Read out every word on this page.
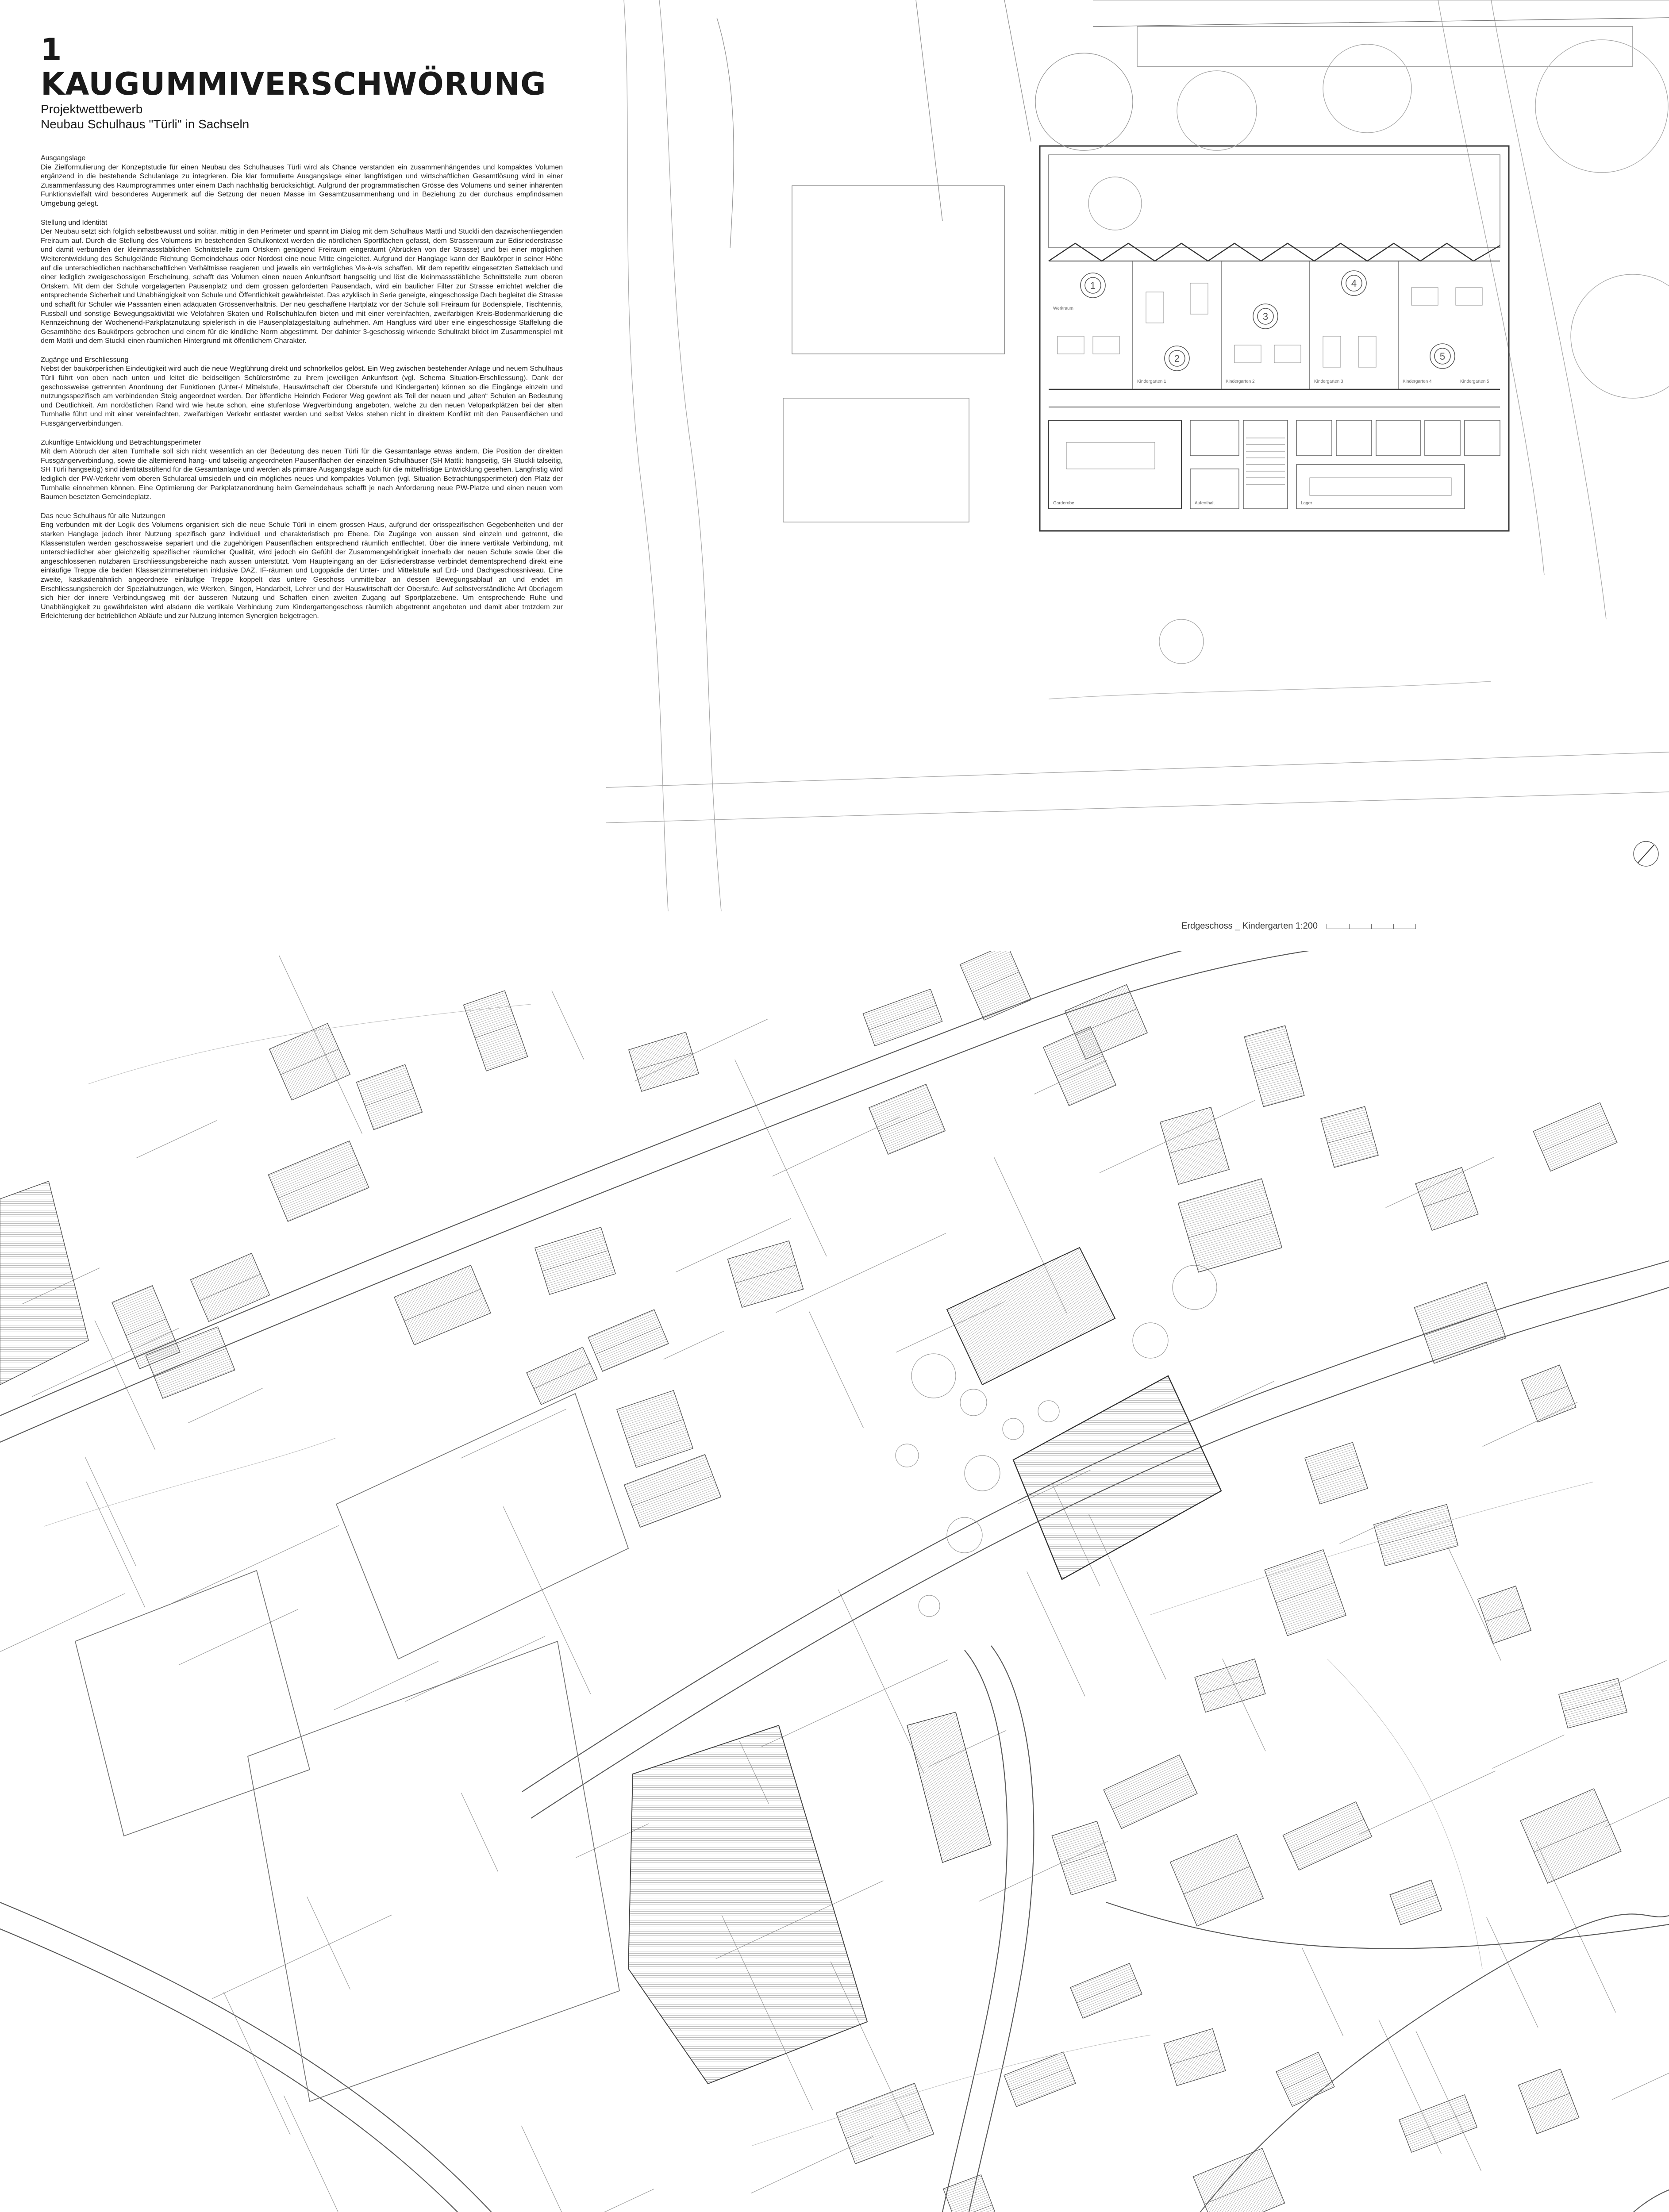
1
KAUGUMMIVERSCHWÖRUNG
Projektwettbewerb
Neubau Schulhaus "Türli" in Sachseln

Ausgangslage

Die Zielformulierung der Konzeptstudie für einen Neubau des Schulhauses Türli wird als Chance verstanden ein zusammenhängendes und kompaktes Volumen ergänzend in die bestehende Schulanlage zu integrieren. Die klar formulierte Ausgangslage einer langfristigen und wirtschaftlichen Gesamtlösung wird in einer Zusammenfassung des Raumprogrammes unter einem Dach nachhaltig berücksichtigt. Aufgrund der programmatischen Grösse des Volumens und seiner inhärenten Funktionsvielfalt wird besonderes Augenmerk auf die Setzung der neuen Masse im Gesamtzusammenhang und in Beziehung zu der durchaus empfindsamen Umgebung gelegt.

Stellung und Identität

Der Neubau setzt sich folglich selbstbewusst und solitär, mittig in den Perimeter und spannt im Dialog mit dem Schulhaus Mattli und Stuckli den dazwischenliegenden Freiraum auf. Durch die Stellung des Volumens im bestehenden Schulkontext werden die nördlichen Sportflächen gefasst, dem Strassenraum zur Edisriederstrasse und damit verbunden der kleinmassstäblichen Schnittstelle zum Ortskern genügend Freiraum eingeräumt (Abrücken von der Strasse) und bei einer möglichen Weiterentwicklung des Schulgelände Richtung Gemeindehaus oder Nordost eine neue Mitte eingeleitet. Aufgrund der Hanglage kann der Baukörper in seiner Höhe auf die unterschiedlichen nachbarschaftlichen Verhältnisse reagieren und jeweils ein verträgliches Vis-à-vis schaffen. Mit dem repetitiv eingesetzten Satteldach und einer lediglich zweigeschossigen Erscheinung, schafft das Volumen einen neuen Ankunftsort hangseitig und löst die kleinmassstäbliche Schnittstelle zum oberen Ortskern. Mit dem der Schule vorgelagerten Pausenplatz und dem grossen geforderten Pausendach, wird ein baulicher Filter zur Strasse errichtet welcher die entsprechende Sicherheit und Unabhängigkeit von Schule und Öffentlichkeit gewährleistet. Das azyklisch in Serie geneigte, eingeschossige Dach begleitet die Strasse und schafft für Schüler wie Passanten einen adäquaten Grössenverhältnis. Der neu geschaffene Hartplatz vor der Schule soll Freiraum für Bodenspiele, Tischtennis, Fussball und sonstige Bewegungsaktivität wie Velofahren Skaten und Rollschuhlaufen bieten und mit einer vereinfachten, zweifarbigen Kreis-Bodenmarkierung die Kennzeichnung der Wochenend-Parkplatznutzung spielerisch in die Pausenplatzgestaltung aufnehmen. Am Hangfuss wird über eine eingeschossige Staffelung die Gesamthöhe des Baukörpers gebrochen und einem für die kindliche Norm abgestimmt. Der dahinter 3-geschossig wirkende Schultrakt bildet im Zusammenspiel mit dem Mattli und dem Stuckli einen räumlichen Hintergrund mit öffentlichem Charakter.

Zugänge und Erschliessung

Nebst der baukörperlichen Eindeutigkeit wird auch die neue Wegführung direkt und schnörkellos gelöst. Ein Weg zwischen bestehender Anlage und neuem Schulhaus Türli führt von oben nach unten und leitet die beidseitigen Schülerströme zu ihrem jeweiligen Ankunftsort (vgl. Schema Situation-Erschliessung). Dank der geschossweise getrennten Anordnung der Funktionen (Unter-/ Mittelstufe, Hauswirtschaft der Oberstufe und Kindergarten) können so die Eingänge einzeln und nutzungsspezifisch am verbindenden Steig angeordnet werden. Der öffentliche Heinrich Federer Weg gewinnt als Teil der neuen und „alten“ Schulen an Bedeutung und Deutlichkeit. Am nordöstlichen Rand wird wie heute schon, eine stufenlose Wegverbindung angeboten, welche zu den neuen Veloparkplätzen bei der alten Turnhalle führt und mit einer vereinfachten, zweifarbigen Verkehr entlastet werden und selbst Velos stehen nicht in direktem Konflikt mit den Pausenflächen und Fussgängerverbindungen.

Zukünftige Entwicklung und Betrachtungsperimeter

Mit dem Abbruch der alten Turnhalle soll sich nicht wesentlich an der Bedeutung des neuen Türli für die Gesamtanlage etwas ändern. Die Position der direkten Fussgängerverbindung, sowie die alternierend hang- und talseitig angeordneten Pausenflächen der einzelnen Schulhäuser (SH Mattli: hangseitig, SH Stuckli talseitig, SH Türli hangseitig) sind identitätsstiftend für die Gesamtanlage und werden als primäre Ausgangslage auch für die mittelfristige Entwicklung gesehen. Langfristig wird lediglich der PW-Verkehr vom oberen Schulareal umsiedeln und ein mögliches neues und kompaktes Volumen (vgl. Situation Betrachtungsperimeter) den Platz der Turnhalle einnehmen können. Eine Optimierung der Parkplatzanordnung beim Gemeindehaus schafft je nach Anforderung neue PW-Platze und einen neuen vom Baumen besetzten Gemeindeplatz.

Das neue Schulhaus für alle Nutzungen

Eng verbunden mit der Logik des Volumens organisiert sich die neue Schule Türli in einem grossen Haus, aufgrund der ortsspezifischen Gegebenheiten und der starken Hanglage jedoch ihrer Nutzung spezifisch ganz individuell und charakteristisch pro Ebene. Die Zugänge von aussen sind einzeln und getrennt, die Klassenstufen werden geschossweise separiert und die zugehörigen Pausenflächen entsprechend räumlich entflechtet. Über die innere vertikale Verbindung, mit unterschiedlicher aber gleichzeitig spezifischer räumlicher Qualität, wird jedoch ein Gefühl der Zusammengehörigkeit innerhalb der neuen Schule sowie über die angeschlossenen nutzbaren Erschliessungsbereiche nach aussen unterstützt. Vom Haupteingang an der Edisriederstrasse verbindet dementsprechend direkt eine einläufige Treppe die beiden Klassenzimmerebenen inklusive DAZ, IF-räumen und Logopädie der Unter- und Mittelstufe auf Erd- und Dachgeschossniveau. Eine zweite, kaskadenähnlich angeordnete einläufige Treppe koppelt das untere Geschoss unmittelbar an dessen Bewegungsablauf an und endet im Erschliessungsbereich der Spezialnutzungen, wie Werken, Singen, Handarbeit, Lehrer und der Hauswirtschaft der Oberstufe. Auf selbstverständliche Art überlagern sich hier der innere Verbindungsweg mit der äusseren Nutzung und Schaffen einen zweiten Zugang auf Sportplatzebene. Um entsprechende Ruhe und Unabhängigkeit zu gewährleisten wird alsdann die vertikale Verbindung zum Kindergartengeschoss räumlich abgetrennt angeboten und damit aber trotzdem zur Erleichterung der betrieblichen Abläufe und zur Nutzung internen Synergien beigetragen.

1
2
3
4
5
Werkraum
Kindergarten 1	Kindergarten 2	Kindergarten 3	Kindergarten 4	Kindergarten 5
Garderobe	Aufenthalt	Lager
Erdgeschoss _ Kindergarten 1:200
